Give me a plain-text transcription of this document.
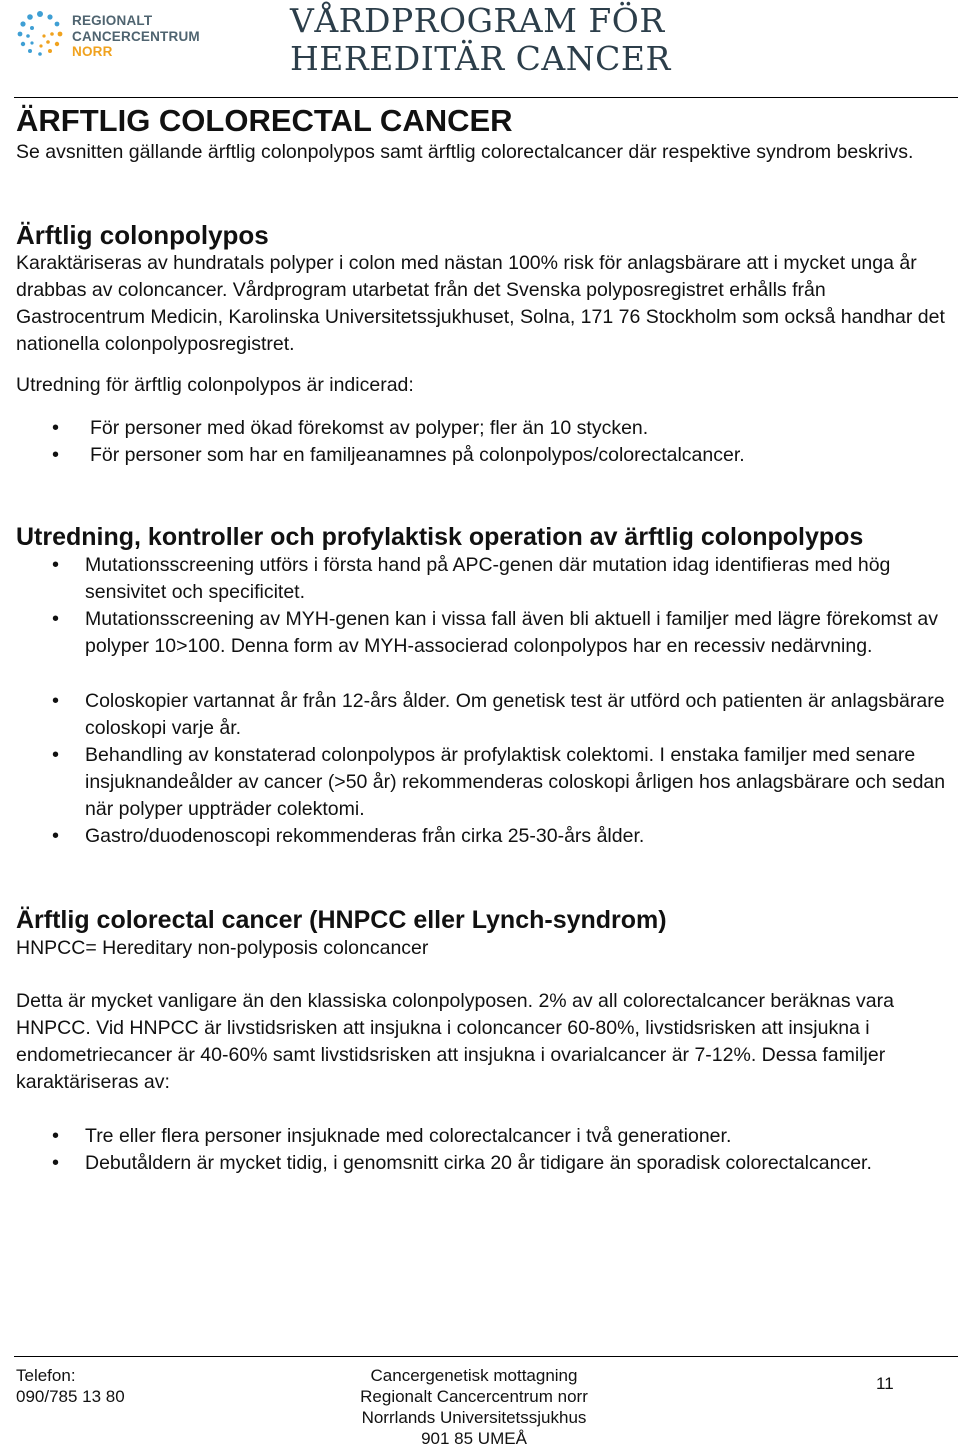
REGIONALT
CANCERCENTRUM
NORR
VÅRDPROGRAM FÖR
HEREDITÄR CANCER
ÄRFTLIG COLORECTAL CANCER

Se avsnitten gällande ärftlig colonpolypos samt ärftlig colorectalcancer där respektive syndrom beskrivs.

Ärftlig colonpolypos

Karaktäriseras av hundratals polyper i colon med nästan 100% risk för anlagsbärare att i mycket unga år drabbas av coloncancer. Vårdprogram utarbetat från det Svenska polyposregistret erhålls från Gastrocentrum Medicin, Karolinska Universitetssjukhuset, Solna, 171 76 Stockholm som också handhar det nationella colonpolyposregistret.

Utredning för ärftlig colonpolypos är indicerad:

• För personer med ökad förekomst av polyper; fler än 10 stycken.
• För personer som har en familjeanamnes på colonpolypos/colorectalcancer.
Utredning, kontroller och profylaktisk operation av ärftlig colonpolypos
• Mutationsscreening utförs i första hand på APC-genen där mutation idag identifieras med hög sensivitet och specificitet.
• Mutationsscreening av MYH-genen kan i vissa fall även bli aktuell i familjer med lägre förekomst av polyper 10>100. Denna form av MYH-associerad colonpolypos har en recessiv nedärvning.
• Coloskopier vartannat år från 12-års ålder. Om genetisk test är utförd och patienten är anlagsbärare coloskopi varje år.
• Behandling av konstaterad colonpolypos är profylaktisk colektomi. I enstaka familjer med senare insjuknandeålder av cancer (>50 år) rekommenderas coloskopi årligen hos anlagsbärare och sedan när polyper uppträder colektomi.
• Gastro/duodenoscopi rekommenderas från cirka 25-30-års ålder.
Ärftlig colorectal cancer (HNPCC eller Lynch-syndrom)

HNPCC= Hereditary non-polyposis coloncancer

Detta är mycket vanligare än den klassiska colonpolyposen. 2% av all colorectalcancer beräknas vara HNPCC. Vid HNPCC är livstidsrisken att insjukna i coloncancer 60-80%, livstidsrisken att insjukna i endometriecancer är 40-60% samt livstidsrisken att insjukna i ovarialcancer är 7-12%. Dessa familjer karaktäriseras av:

• Tre eller flera personer insjuknade med colorectalcancer i två generationer.
• Debutåldern är mycket tidig, i genomsnitt cirka 20 år tidigare än sporadisk colorectalcancer.
Telefon:
090/785 13 80
Cancergenetisk mottagning
Regionalt Cancercentrum norr
Norrlands Universitetssjukhus
901 85 UMEÅ
11
